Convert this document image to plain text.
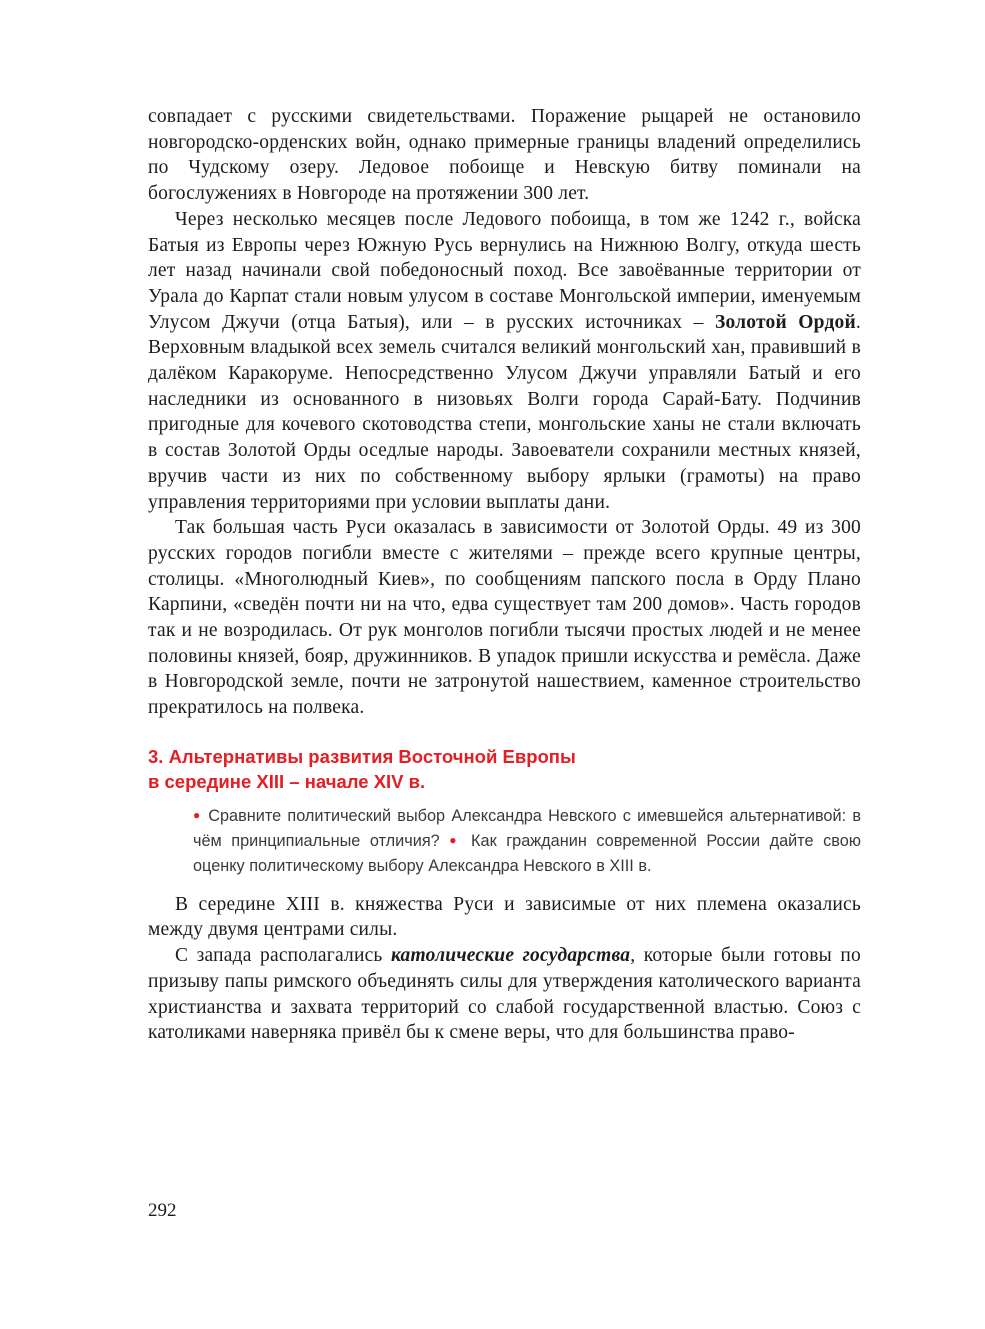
совпадает с русскими свидетельствами. Поражение рыцарей не остановило новгородско-орденских войн, однако примерные границы владений определились по Чудскому озеру. Ледовое побоище и Невскую битву поминали на богослужениях в Новгороде на протяжении 300 лет.

Через несколько месяцев после Ледового побоища, в том же 1242 г., войска Батыя из Европы через Южную Русь вернулись на Нижнюю Волгу, откуда шесть лет назад начинали свой победоносный поход. Все завоёванные территории от Урала до Карпат стали новым улусом в составе Монгольской империи, именуемым Улусом Джучи (отца Батыя), или – в русских источниках – Золотой Ордой. Верховным владыкой всех земель считался великий монгольский хан, правивший в далёком Каракоруме. Непосредственно Улусом Джучи управляли Батый и его наследники из основанного в низовьях Волги города Сарай-Бату. Подчинив пригодные для кочевого скотоводства степи, монгольские ханы не стали включать в состав Золотой Орды оседлые народы. Завоеватели сохранили местных князей, вручив части из них по собственному выбору ярлыки (грамоты) на право управления территориями при условии выплаты дани.

Так большая часть Руси оказалась в зависимости от Золотой Орды. 49 из 300 русских городов погибли вместе с жителями – прежде всего крупные центры, столицы. «Многолюдный Киев», по сообщениям папского посла в Орду Плано Карпини, «сведён почти ни на что, едва существует там 200 домов». Часть городов так и не возродилась. От рук монголов погибли тысячи простых людей и не менее половины князей, бояр, дружинников. В упадок пришли искусства и ремёсла. Даже в Новгородской земле, почти не затронутой нашествием, каменное строительство прекратилось на полвека.

3. Альтернативы развития Восточной Европы
в середине XIII – начале XIV в.
● Сравните политический выбор Александра Невского с имевшейся альтернативой: в чём принципиальные отличия? ● Как гражданин современной России дайте свою оценку политическому выбору Александра Невского в XIII в.

В середине XIII в. княжества Руси и зависимые от них племена оказались между двумя центрами силы.

С запада располагались католические государства, которые были готовы по призыву папы римского объединять силы для утверждения католического варианта христианства и захвата территорий со слабой государственной властью. Союз с католиками наверняка привёл бы к смене веры, что для большинства право-

292
